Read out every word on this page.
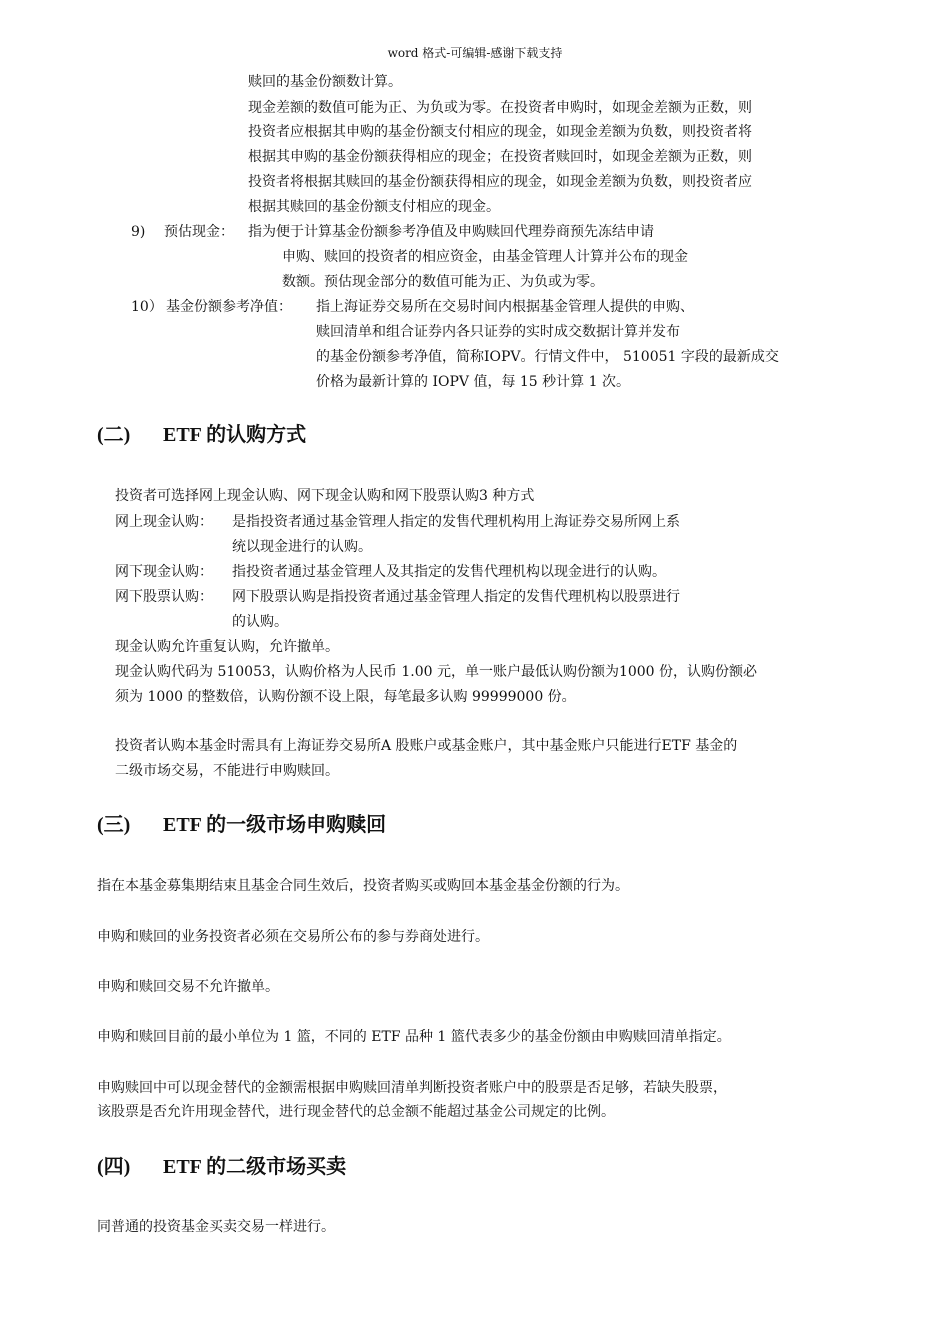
word 格式-可编辑-感谢下载支持
赎回的基金份额数计算。
现金差额的数值可能为正、为负或为零。在投资者申购时，如现金差额为正数，则
投资者应根据其申购的基金份额支付相应的现金，如现金差额为负数，则投资者将
根据其申购的基金份额获得相应的现金；在投资者赎回时，如现金差额为正数，则
投资者将根据其赎回的基金份额获得相应的现金，如现金差额为负数，则投资者应
根据其赎回的基金份额支付相应的现金。
9) 预估现金： 指为便于计算基金份额参考净值及申购赎回代理券商预先冻结申请
申购、赎回的投资者的相应资金，由基金管理人计算并公布的现金
数额。预估现金部分的数值可能为正、为负或为零。
10） 基金份额参考净值： 指上海证券交易所在交易时间内根据基金管理人提供的申购、
赎回清单和组合证券内各只证券的实时成交数据计算并发布
的基金份额参考净值，简称IOPV。行情文件中， 510051 字段的最新成交
价格为最新计算的 IOPV 值，每 15 秒计算 1 次。
(二) ETF 的认购方式
投资者可选择网上现金认购、网下现金认购和网下股票认购3 种方式
网上现金认购： 是指投资者通过基金管理人指定的发售代理机构用上海证券交易所网上系
统以现金进行的认购。
网下现金认购： 指投资者通过基金管理人及其指定的发售代理机构以现金进行的认购。
网下股票认购： 网下股票认购是指投资者通过基金管理人指定的发售代理机构以股票进行
的认购。
现金认购允许重复认购，允许撤单。
现金认购代码为 510053，认购价格为人民币 1.00 元，单一账户最低认购份额为1000 份，认购份额必
须为 1000 的整数倍，认购份额不设上限，每笔最多认购 99999000 份。
投资者认购本基金时需具有上海证券交易所A 股账户或基金账户，其中基金账户只能进行ETF 基金的
二级市场交易，不能进行申购赎回。
(三) ETF 的一级市场申购赎回
指在本基金募集期结束且基金合同生效后，投资者购买或购回本基金基金份额的行为。
申购和赎回的业务投资者必须在交易所公布的参与券商处进行。
申购和赎回交易不允许撤单。
申购和赎回目前的最小单位为 1 篮，不同的 ETF 品种 1 篮代表多少的基金份额由申购赎回清单指定。
申购赎回中可以现金替代的金额需根据申购赎回清单判断投资者账户中的股票是否足够，若缺失股票，
该股票是否允许用现金替代，进行现金替代的总金额不能超过基金公司规定的比例。
(四) ETF 的二级市场买卖
同普通的投资基金买卖交易一样进行。
